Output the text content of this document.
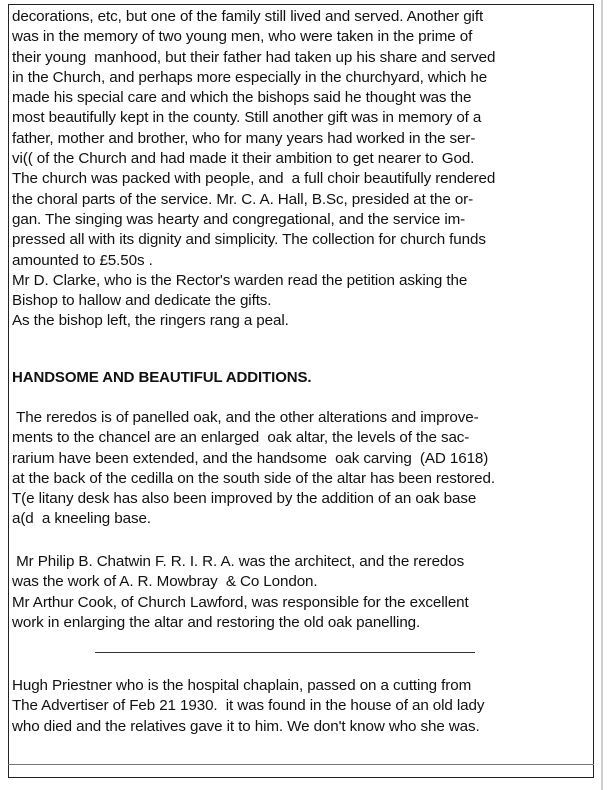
decorations, etc, but one of the family still lived and served. Another gift

was in the memory of two young men, who were taken in the prime of

their young  manhood, but their father had taken up his share and served

in the Church, and perhaps more especially in the churchyard, which he

made his special care and which the bishops said he thought was the

most beautifully kept in the county. Still another gift was in memory of a

father, mother and brother, who for many years had worked in the ser-

vi(( of the Church and had made it their ambition to get nearer to God.

The church was packed with people, and  a full choir beautifully rendered

the choral parts of the service. Mr. C. A. Hall, B.Sc, presided at the or-

gan. The singing was hearty and congregational, and the service im-

pressed all with its dignity and simplicity. The collection for church funds

amounted to £5.50s .

Mr D. Clarke, who is the Rector's warden read the petition asking the

Bishop to hallow and dedicate the gifts.

As the bishop left, the ringers rang a peal.

HANDSOME AND BEAUTIFUL ADDITIONS.

The reredos is of panelled oak, and the other alterations and improve-

ments to the chancel are an enlarged  oak altar, the levels of the sac-

rarium have been extended, and the handsome  oak carving  (AD 1618)

at the back of the cedilla on the south side of the altar has been restored.

T(e litany desk has also been improved by the addition of an oak base

a(d  a kneeling base.

Mr Philip B. Chatwin F. R. I. R. A. was the architect, and the reredos

was the work of A. R. Mowbray  & Co London.

Mr Arthur Cook, of Church Lawford, was responsible for the excellent

work in enlarging the altar and restoring the old oak panelling.

Hugh Priestner who is the hospital chaplain, passed on a cutting from

The Advertiser of Feb 21 1930.  it was found in the house of an old lady

who died and the relatives gave it to him. We don't know who she was.
